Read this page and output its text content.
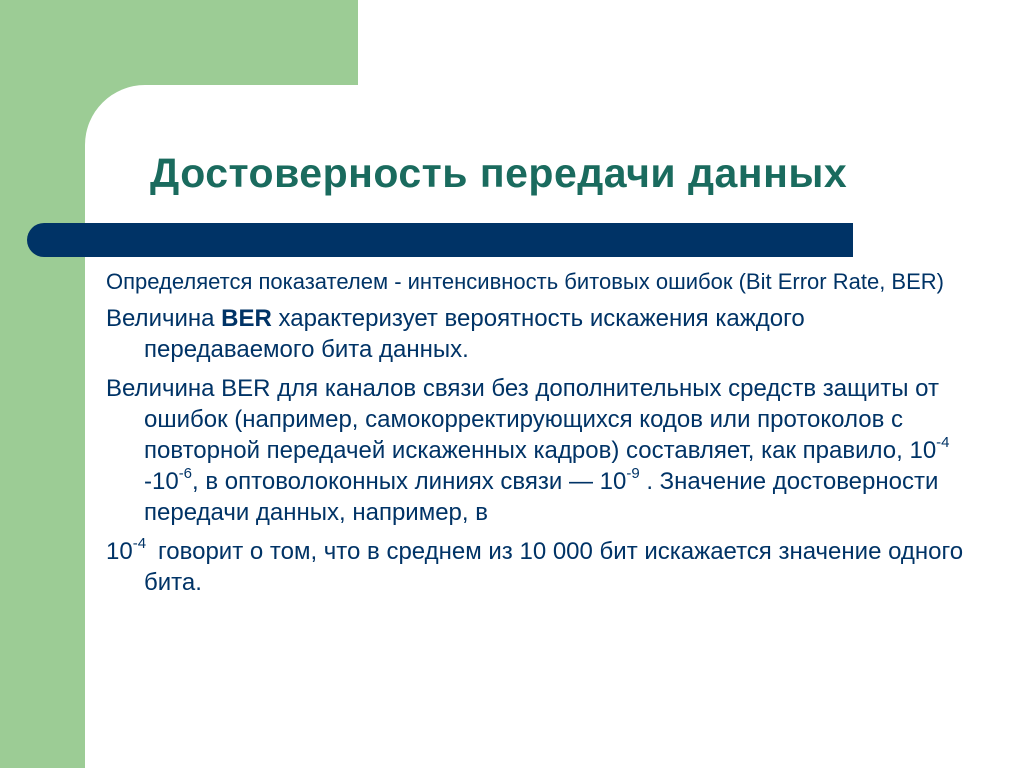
Достоверность передачи данных

Определяется показателем - интенсивность битовых ошибок (Bit Error Rate, BER)

Величина BER характеризует вероятность искажения каждого передаваемого бита данных.

Величина BER для каналов связи без дополнительных средств защиты от ошибок (например, самокорректирующихся кодов или протоколов с повторной передачей искаженных кадров) составляет, как правило, $10^{-4}-10^{-6}$, в оптоволоконных линиях связи — $10^{-9}$ . Значение достоверности передачи данных, например, в

$10^{-4}$ говорит о том, что в среднем из 10 000 бит искажается значение одного бита.
